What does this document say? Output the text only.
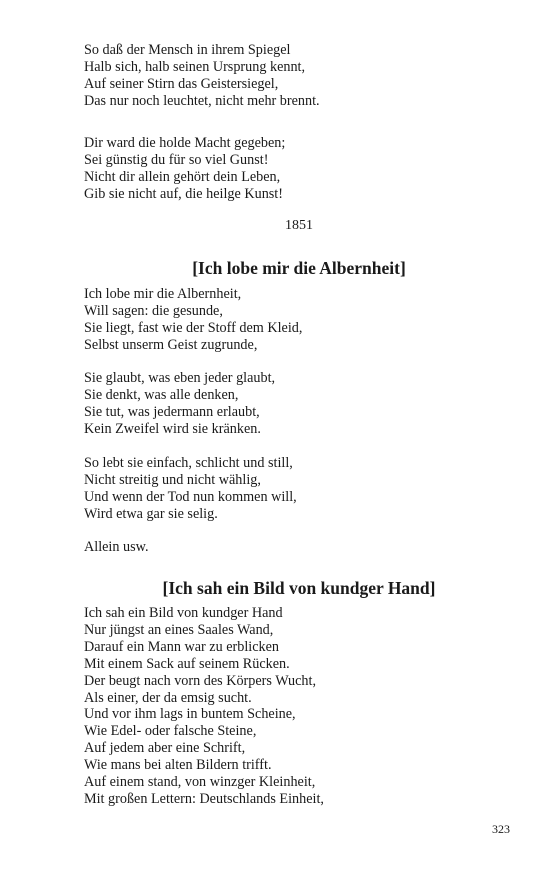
So daß der Mensch in ihrem Spiegel
Halb sich, halb seinen Ursprung kennt,
Auf seiner Stirn das Geistersiegel,
Das nur noch leuchtet, nicht mehr brennt.
Dir ward die holde Macht gegeben;
Sei günstig du für so viel Gunst!
Nicht dir allein gehört dein Leben,
Gib sie nicht auf, die heilge Kunst!
1851
[Ich lobe mir die Albernheit]
Ich lobe mir die Albernheit,
Will sagen: die gesunde,
Sie liegt, fast wie der Stoff dem Kleid,
Selbst unserm Geist zugrunde,
Sie glaubt, was eben jeder glaubt,
Sie denkt, was alle denken,
Sie tut, was jedermann erlaubt,
Kein Zweifel wird sie kränken.
So lebt sie einfach, schlicht und still,
Nicht streitig und nicht wählig,
Und wenn der Tod nun kommen will,
Wird etwa gar sie selig.
Allein usw.
[Ich sah ein Bild von kundger Hand]
Ich sah ein Bild von kundger Hand
Nur jüngst an eines Saales Wand,
Darauf ein Mann war zu erblicken
Mit einem Sack auf seinem Rücken.
Der beugt nach vorn des Körpers Wucht,
Als einer, der da emsig sucht.
Und vor ihm lags in buntem Scheine,
Wie Edel- oder falsche Steine,
Auf jedem aber eine Schrift,
Wie mans bei alten Bildern trifft.
Auf einem stand, von winzger Kleinheit,
Mit großen Lettern: Deutschlands Einheit,
323
